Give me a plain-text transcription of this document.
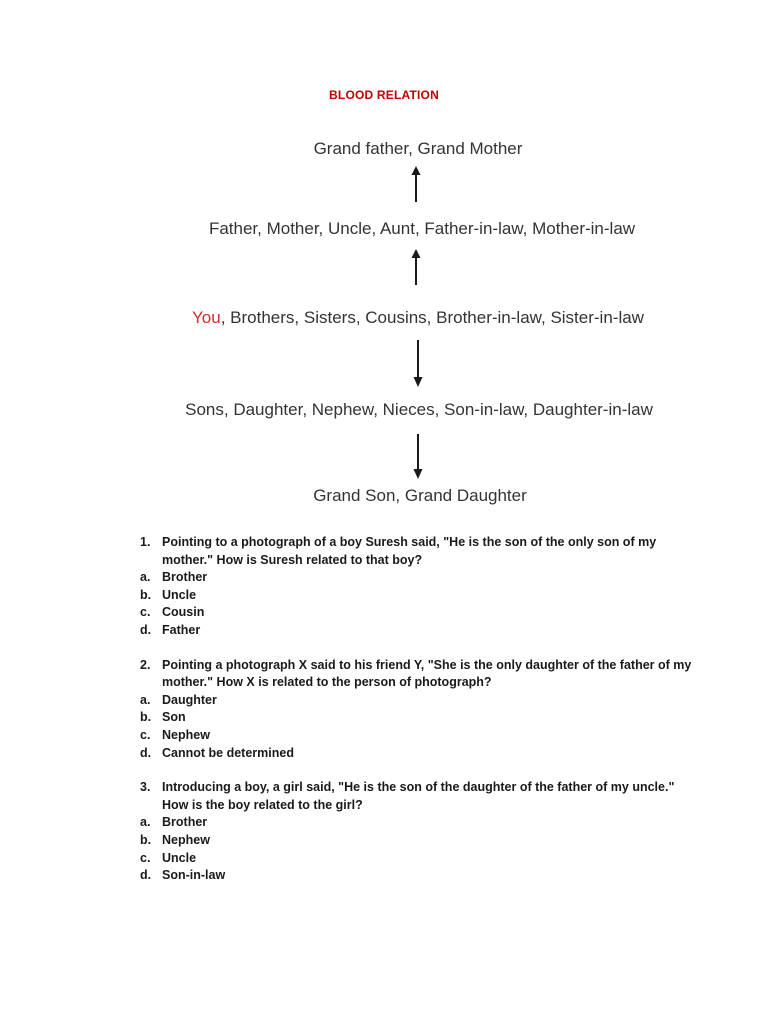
BLOOD RELATION
Grand father, Grand Mother
Father, Mother, Uncle, Aunt, Father-in-law, Mother-in-law
You, Brothers, Sisters, Cousins, Brother-in-law, Sister-in-law
Sons, Daughter, Nephew, Nieces, Son-in-law, Daughter-in-law
Grand Son, Grand Daughter
1. Pointing to a photograph of a boy Suresh said, "He is the son of the only son of my mother." How is Suresh related to that boy?
a. Brother
b. Uncle
c. Cousin
d. Father
2. Pointing a photograph X said to his friend Y, "She is the only daughter of the father of my mother." How X is related to the person of photograph?
a. Daughter
b. Son
c. Nephew
d. Cannot be determined
3. Introducing a boy, a girl said, "He is the son of the daughter of the father of my uncle." How is the boy related to the girl?
a. Brother
b. Nephew
c. Uncle
d. Son-in-law
